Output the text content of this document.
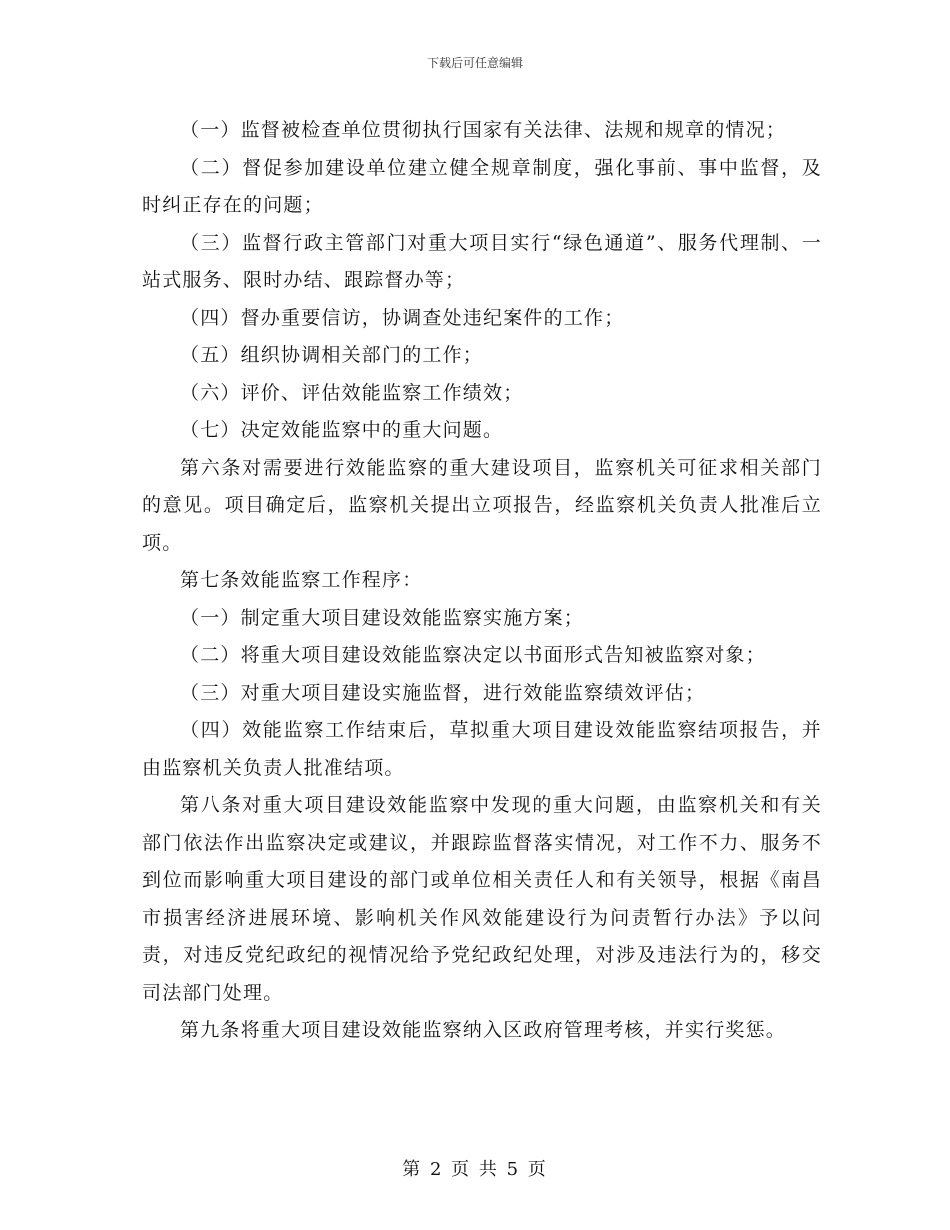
下载后可任意编辑

（一）监督被检查单位贯彻执行国家有关法律、法规和规章的情况；

（二）督促参加建设单位建立健全规章制度，强化事前、事中监督，及时纠正存在的问题；

（三）监督行政主管部门对重大项目实行“绿色通道”、服务代理制、一站式服务、限时办结、跟踪督办等；

（四）督办重要信访，协调查处违纪案件的工作；

（五）组织协调相关部门的工作；

（六）评价、评估效能监察工作绩效；

（七）决定效能监察中的重大问题。

第六条对需要进行效能监察的重大建设项目，监察机关可征求相关部门的意见。项目确定后，监察机关提出立项报告，经监察机关负责人批准后立项。

第七条效能监察工作程序：

（一）制定重大项目建设效能监察实施方案；

（二）将重大项目建设效能监察决定以书面形式告知被监察对象；

（三）对重大项目建设实施监督，进行效能监察绩效评估；

（四）效能监察工作结束后，草拟重大项目建设效能监察结项报告，并由监察机关负责人批准结项。

第八条对重大项目建设效能监察中发现的重大问题，由监察机关和有关部门依法作出监察决定或建议，并跟踪监督落实情况，对工作不力、服务不到位而影响重大项目建设的部门或单位相关责任人和有关领导，根据《南昌市损害经济进展环境、影响机关作风效能建设行为问责暂行办法》予以问责，对违反党纪政纪的视情况给予党纪政纪处理，对涉及违法行为的，移交司法部门处理。

第九条将重大项目建设效能监察纳入区政府管理考核，并实行奖惩。

第 2 页 共 5 页
